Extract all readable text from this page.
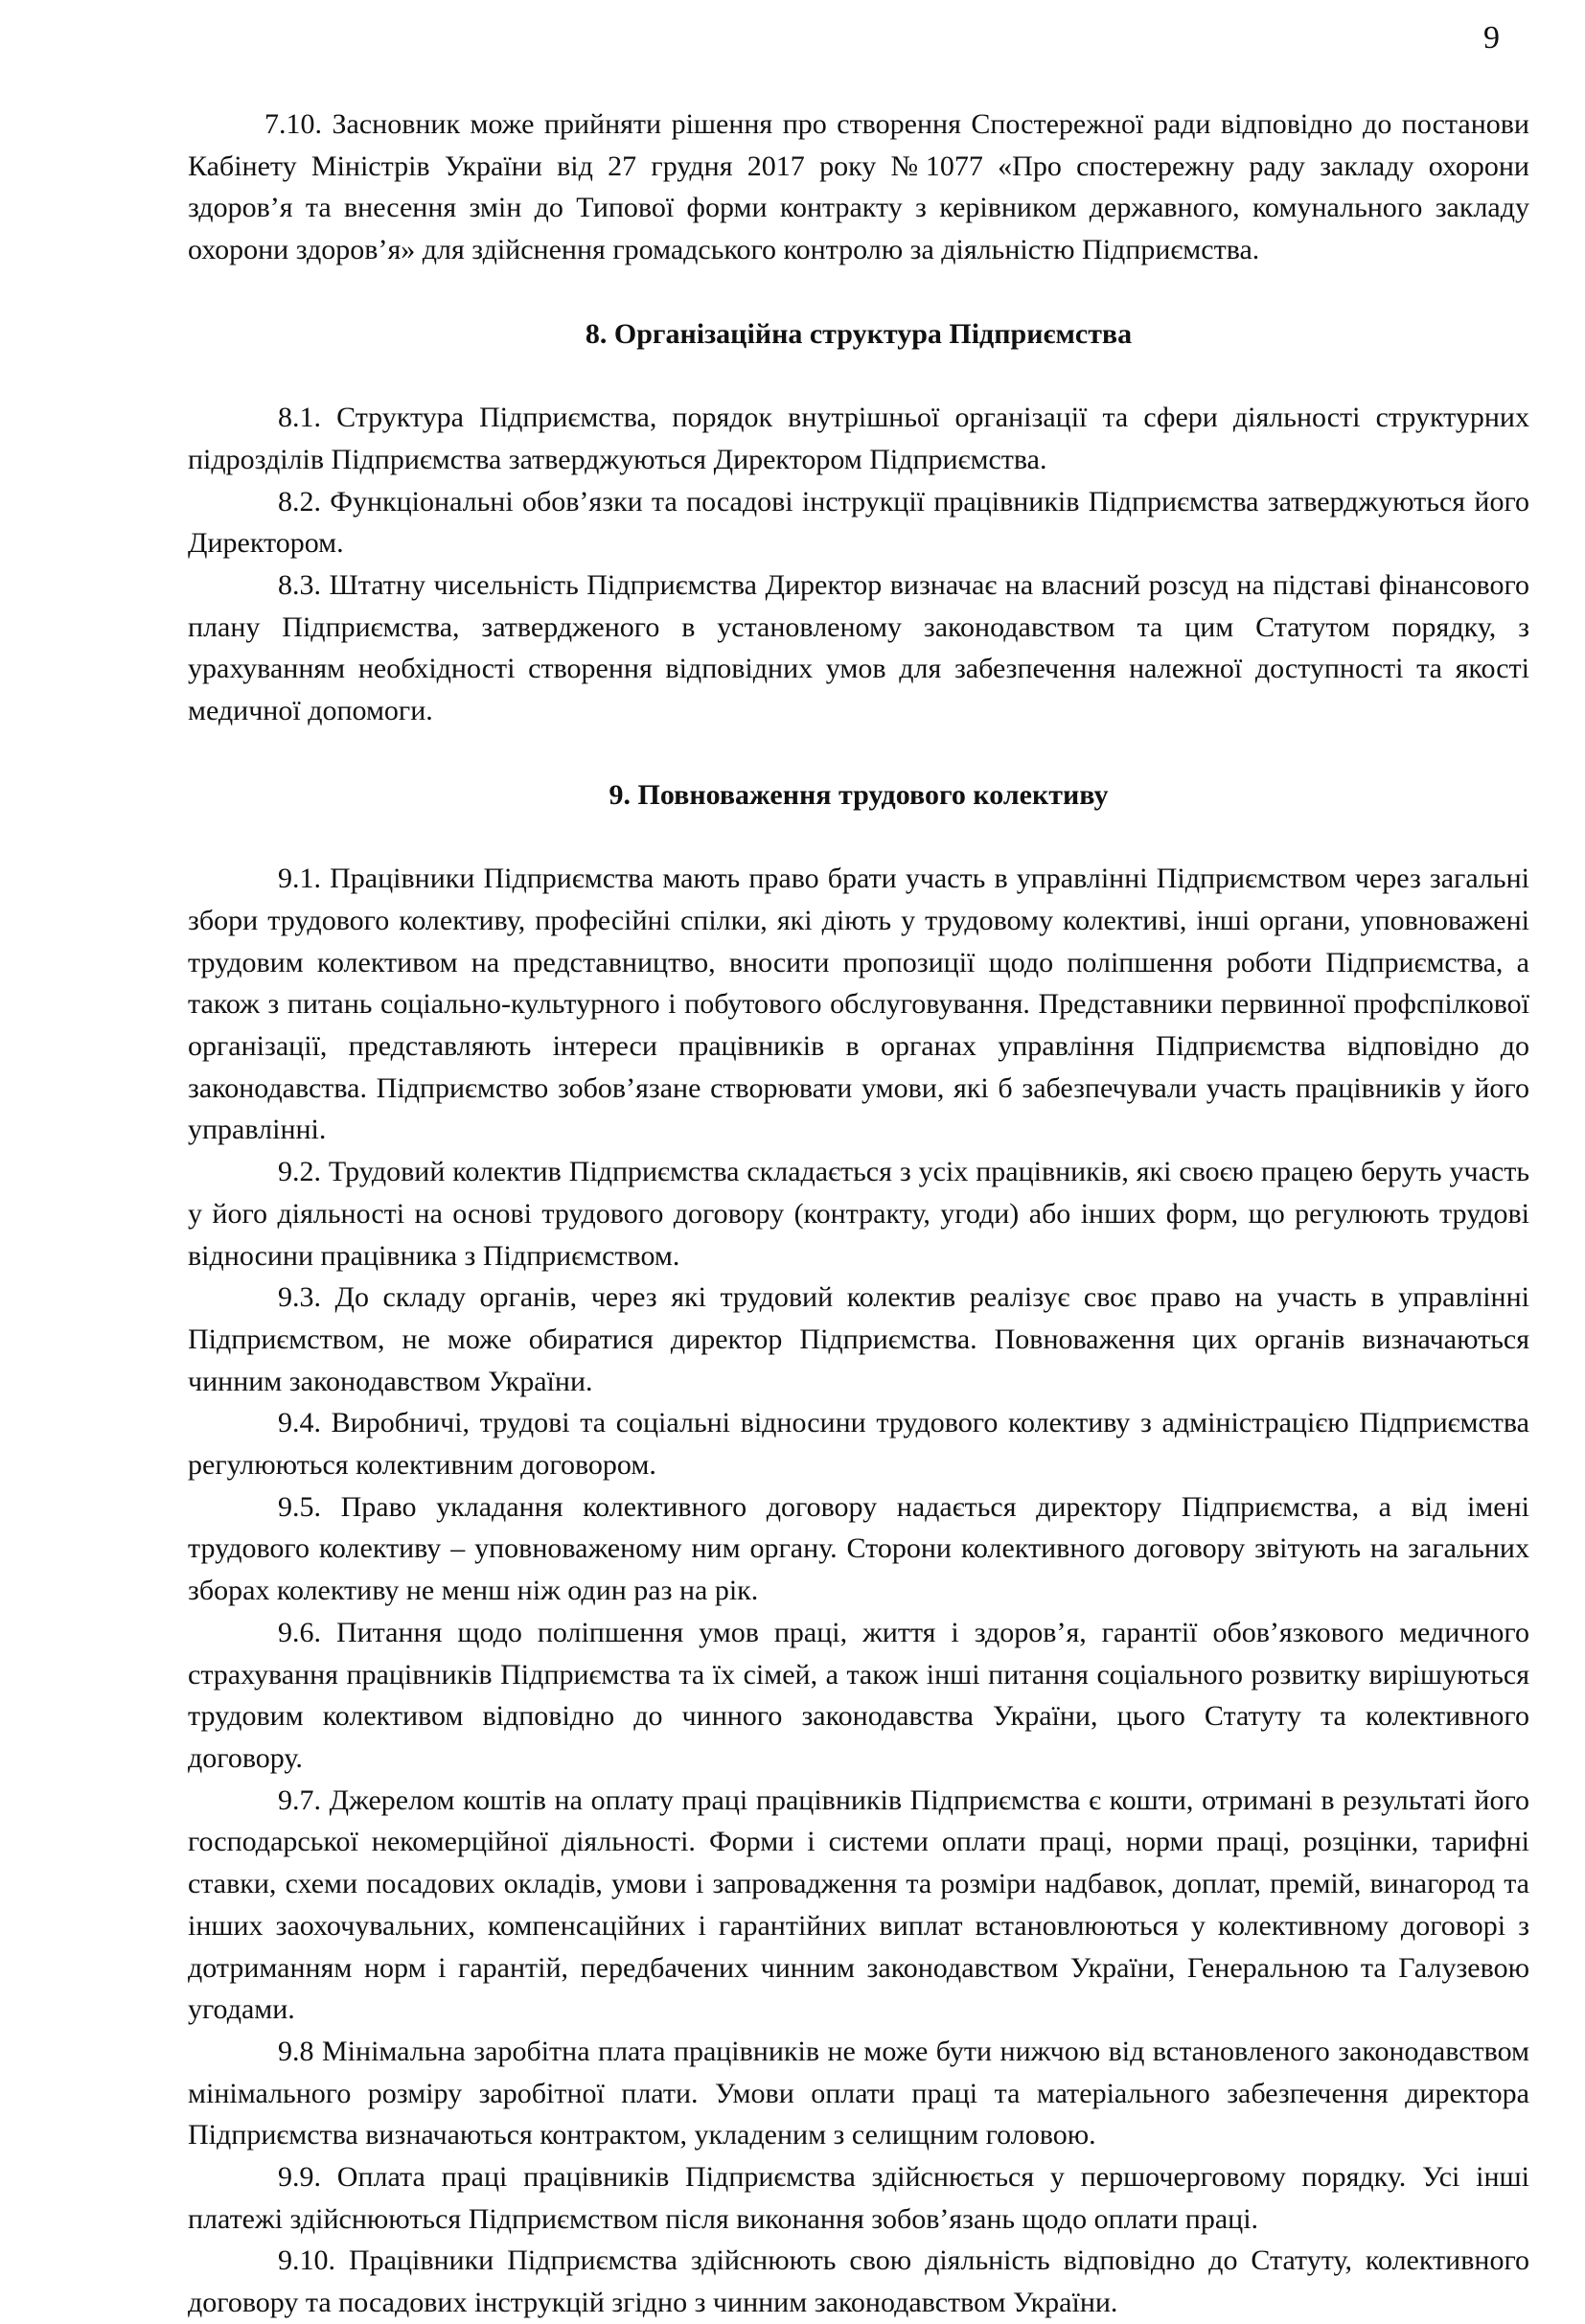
9

7.10. Засновник може прийняти рішення про створення Спостережної ради відповідно до постанови Кабінету Міністрів України від 27 грудня 2017 року №1077 «Про спостережну раду закладу охорони здоров’я та внесення змін до Типової форми контракту з керівником державного, комунального закладу охорони здоров’я» для здійснення громадського контролю за діяльністю Підприємства.

8. Організаційна структура Підприємства

8.1. Структура Підприємства, порядок внутрішньої організації та сфери діяльності структурних підрозділів Підприємства затверджуються Директором Підприємства.

8.2. Функціональні обов’язки та посадові інструкції працівників Підприємства затверджуються його Директором.

8.3. Штатну чисельність Підприємства Директор визначає на власний розсуд на підставі фінансового плану Підприємства, затвердженого в установленому законодавством та цим Статутом порядку, з урахуванням необхідності створення відповідних умов для забезпечення належної доступності та якості медичної допомоги.

9. Повноваження трудового колективу

9.1. Працівники Підприємства мають право брати участь в управлінні Підприємством через загальні збори трудового колективу, професійні спілки, які діють у трудовому колективі, інші органи, уповноважені трудовим колективом на представництво, вносити пропозиції щодо поліпшення роботи Підприємства, а також з питань соціально-культурного і побутового обслуговування. Представники первинної профспілкової організації, представляють інтереси працівників в органах управління Підприємства відповідно до законодавства. Підприємство зобов’язане створювати умови, які б забезпечували участь працівників у його управлінні.

9.2. Трудовий колектив Підприємства складається з усіх працівників, які своєю працею беруть участь у його діяльності на основі трудового договору (контракту, угоди) або інших форм, що регулюють трудові відносини працівника з Підприємством.

9.3. До складу органів, через які трудовий колектив реалізує своє право на участь в управлінні Підприємством, не може обиратися директор Підприємства. Повноваження цих органів визначаються чинним законодавством України.

9.4. Виробничі, трудові та соціальні відносини трудового колективу з адміністрацією Підприємства регулюються колективним договором.

9.5. Право укладання колективного договору надається директору Підприємства, а від імені трудового колективу – уповноваженому ним органу. Сторони колективного договору звітують на загальних зборах колективу не менш ніж один раз на рік.

9.6. Питання щодо поліпшення умов праці, життя і здоров’я, гарантії обов’язкового медичного страхування працівників Підприємства та їх сімей, а також інші питання соціального розвитку вирішуються трудовим колективом відповідно до чинного законодавства України, цього Статуту та колективного договору.

9.7. Джерелом коштів на оплату праці працівників Підприємства є кошти, отримані в результаті його господарської некомерційної діяльності. Форми і системи оплати праці, норми праці, розцінки, тарифні ставки, схеми посадових окладів, умови і запровадження та розміри надбавок, доплат, премій, винагород та інших заохочувальних, компенсаційних і гарантійних виплат встановлюються у колективному договорі з дотриманням норм і гарантій, передбачених чинним законодавством України, Генеральною та Галузевою угодами.

9.8 Мінімальна заробітна плата працівників не може бути нижчою від встановленого законодавством мінімального розміру заробітної плати. Умови оплати праці та матеріального забезпечення директора Підприємства визначаються контрактом, укладеним з селищним головою.

9.9. Оплата праці працівників Підприємства здійснюється у першочерговому порядку. Усі інші платежі здійснюються Підприємством після виконання зобов’язань щодо оплати праці.

9.10. Працівники Підприємства здійснюють свою діяльність відповідно до Статуту, колективного договору та посадових інструкцій згідно з чинним законодавством України.
